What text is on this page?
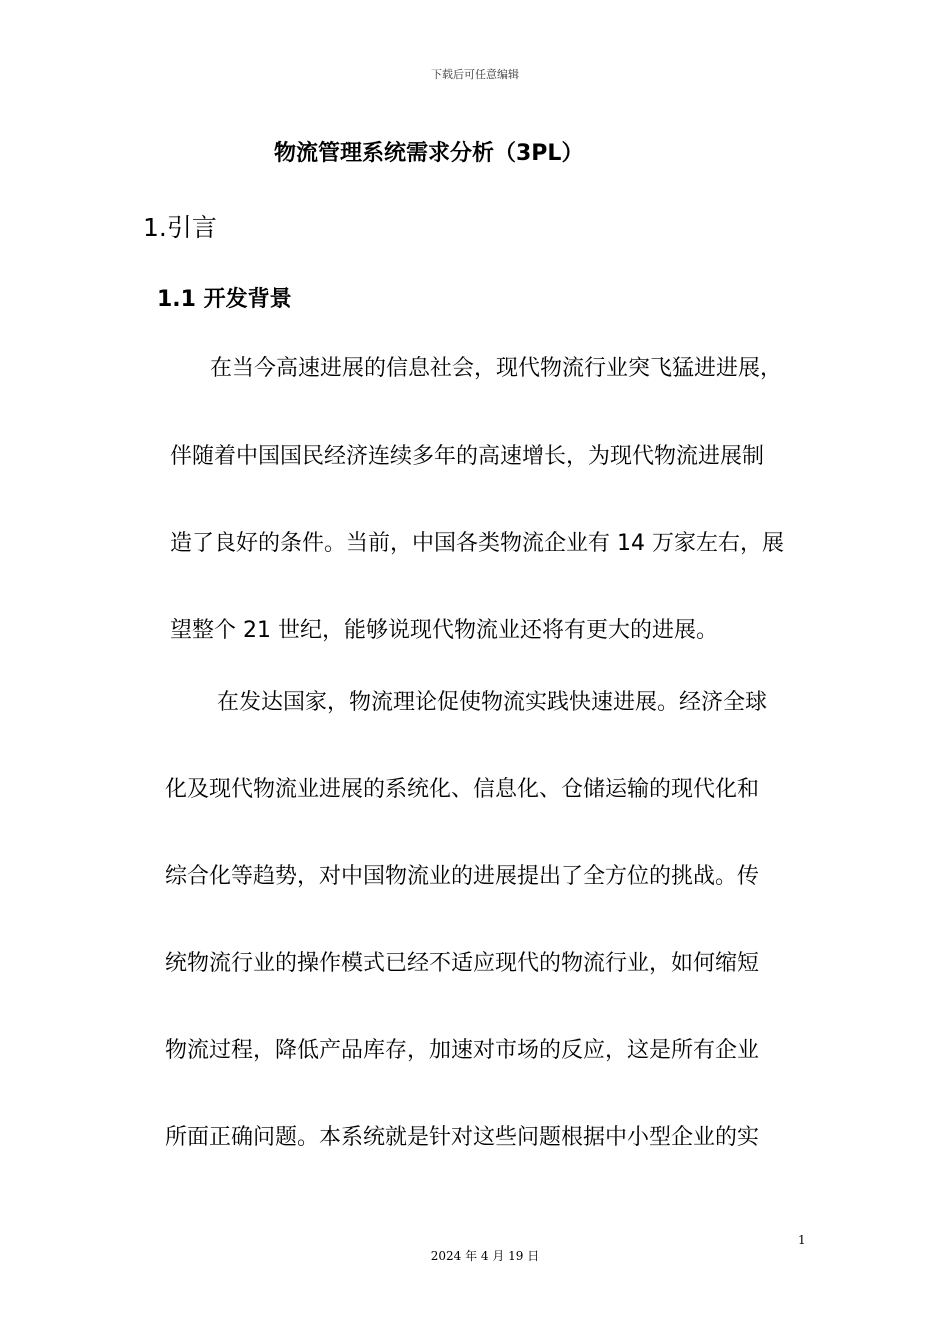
下载后可任意编辑
物流管理系统需求分析（3PL）
1.引言
1.1 开发背景
在当今高速进展的信息社会，现代物流行业突飞猛进进展，
伴随着中国国民经济连续多年的高速增长，为现代物流进展制
造了良好的条件。当前，中国各类物流企业有 14 万家左右，展
望整个 21 世纪，能够说现代物流业还将有更大的进展。
在发达国家，物流理论促使物流实践快速进展。经济全球
化及现代物流业进展的系统化、信息化、仓储运输的现代化和
综合化等趋势，对中国物流业的进展提出了全方位的挑战。传
统物流行业的操作模式已经不适应现代的物流行业，如何缩短
物流过程，降低产品库存，加速对市场的反应，这是所有企业
所面正确问题。本系统就是针对这些问题根据中小型企业的实
1
2024 年 4 月 19 日
